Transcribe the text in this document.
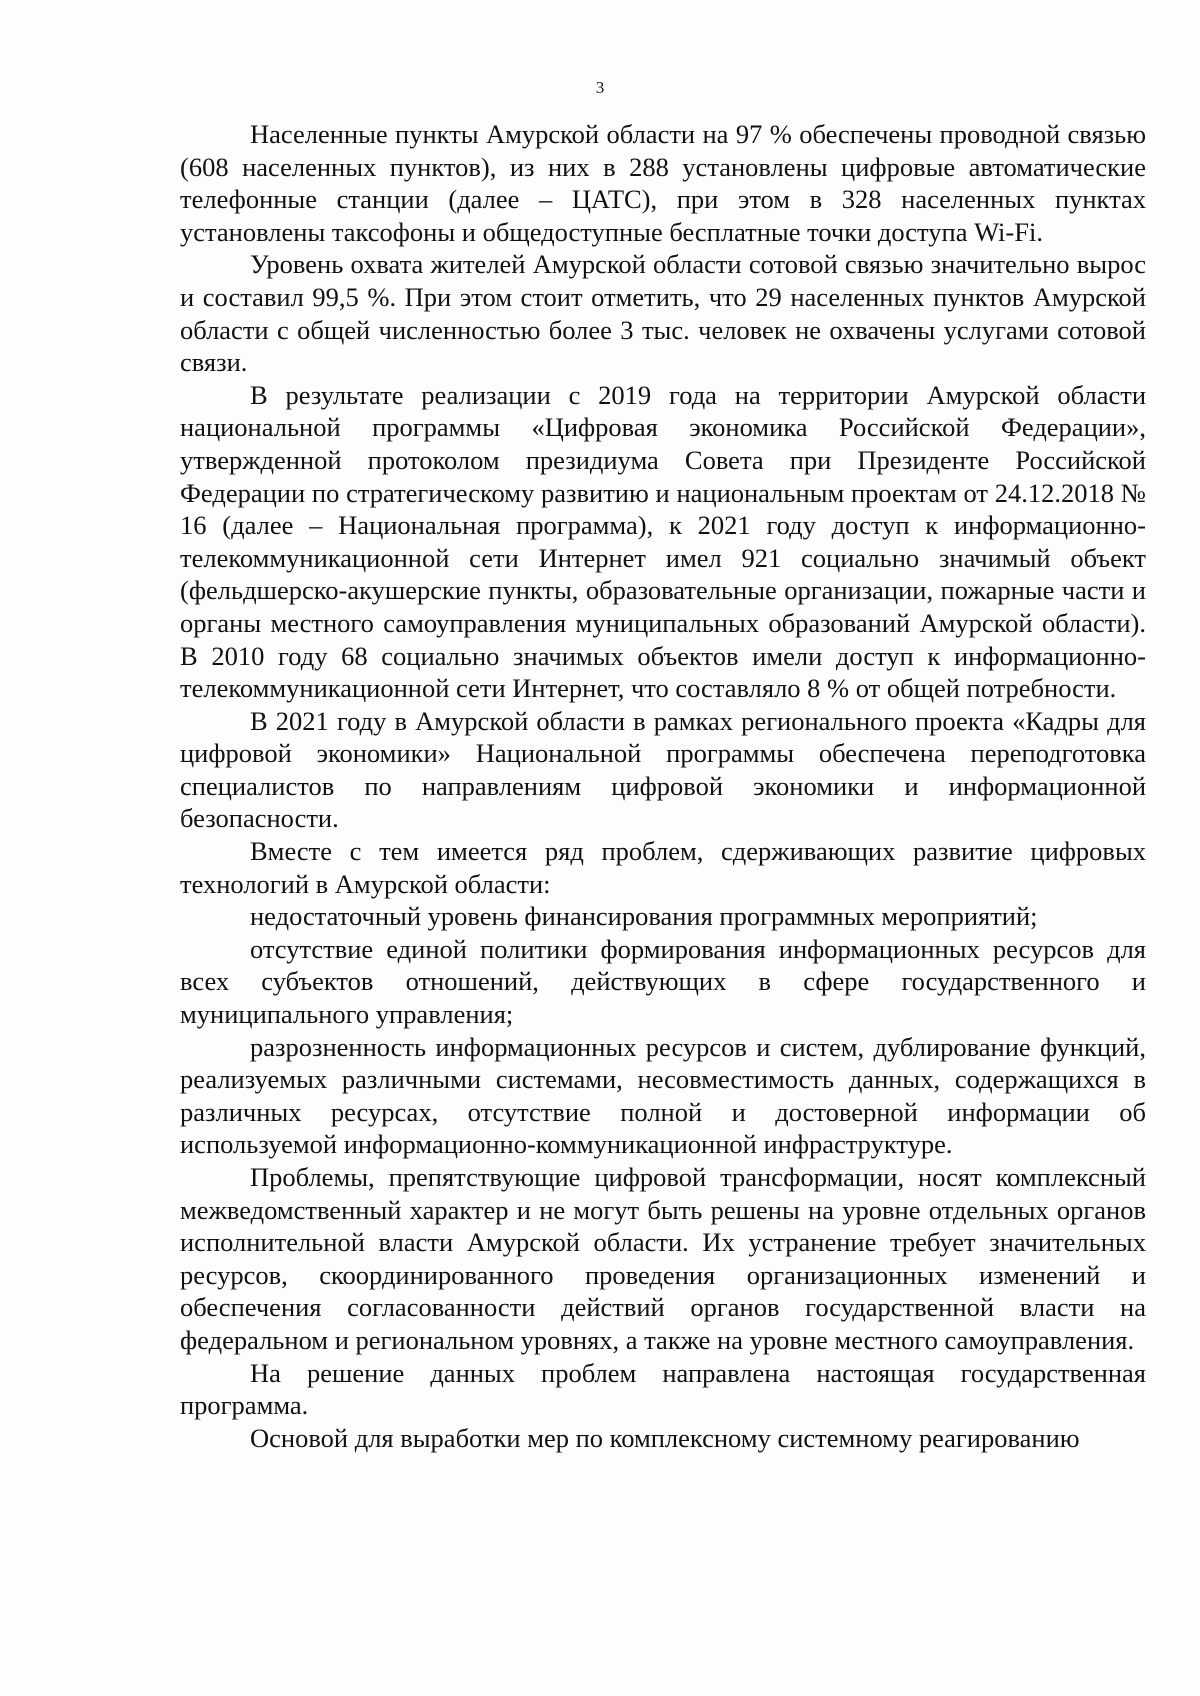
3

Населенные пункты Амурской области на 97 % обеспечены проводной связью (608 населенных пунктов), из них в 288 установлены цифровые автоматические телефонные станции (далее – ЦАТС), при этом в 328 населенных пунктах установлены таксофоны и общедоступные бесплатные точки доступа Wi-Fi.

Уровень охвата жителей Амурской области сотовой связью значительно вырос и составил 99,5 %. При этом стоит отметить, что 29 населенных пунктов Амурской области с общей численностью более 3 тыс. человек не охвачены услугами сотовой связи.

В результате реализации с 2019 года на территории Амурской области национальной программы «Цифровая экономика Российской Федерации», утвержденной протоколом президиума Совета при Президенте Российской Федерации по стратегическому развитию и национальным проектам от 24.12.2018 № 16 (далее – Национальная программа), к 2021 году доступ к информационно-телекоммуникационной сети Интернет имел 921 социально значимый объект (фельдшерско-акушерские пункты, образовательные организации, пожарные части и органы местного самоуправления муниципальных образований Амурской области). В 2010 году 68 социально значимых объектов имели доступ к информационно-телекоммуникационной сети Интернет, что составляло 8 % от общей потребности.

В 2021 году в Амурской области в рамках регионального проекта «Кадры для цифровой экономики» Национальной программы обеспечена переподготовка специалистов по направлениям цифровой экономики и информационной безопасности.

Вместе с тем имеется ряд проблем, сдерживающих развитие цифровых технологий в Амурской области:

недостаточный уровень финансирования программных мероприятий;

отсутствие единой политики формирования информационных ресурсов для всех субъектов отношений, действующих в сфере государственного и муниципального управления;

разрозненность информационных ресурсов и систем, дублирование функций, реализуемых различными системами, несовместимость данных, содержащихся в различных ресурсах, отсутствие полной и достоверной информации об используемой информационно-коммуникационной инфраструктуре.

Проблемы, препятствующие цифровой трансформации, носят комплексный межведомственный характер и не могут быть решены на уровне отдельных органов исполнительной власти Амурской области. Их устранение требует значительных ресурсов, скоординированного проведения организационных изменений и обеспечения согласованности действий органов государственной власти на федеральном и региональном уровнях, а также на уровне местного самоуправления.

На решение данных проблем направлена настоящая государственная программа.

Основой для выработки мер по комплексному системному реагированию
